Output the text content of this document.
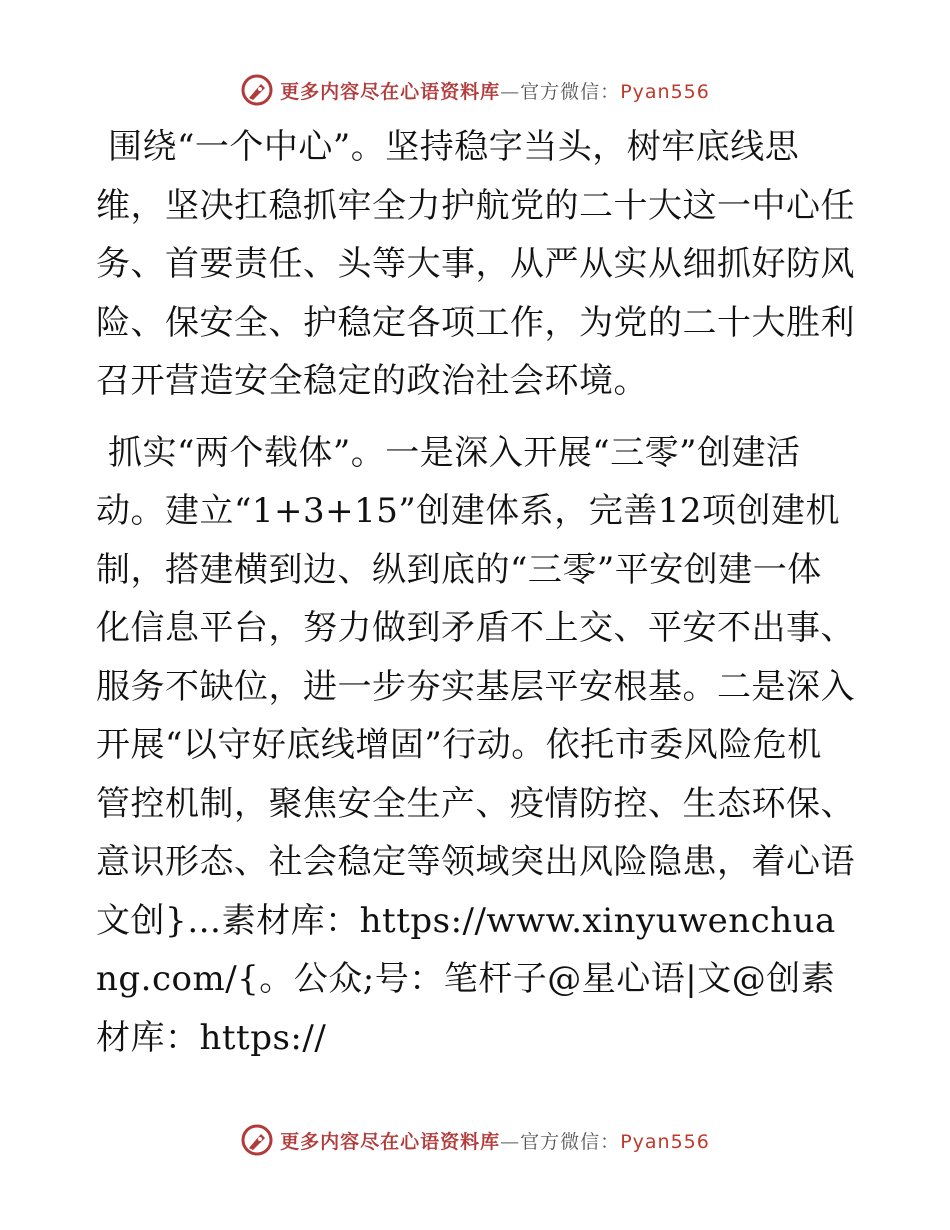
更多内容尽在心语资料库—官方微信：Pyan556

围绕“一个中心”。坚持稳字当头，树牢底线思维，坚决扛稳抓牢全力护航党的二十大这一中心任务、首要责任、头等大事，从严从实从细抓好防风险、保安全、护稳定各项工作，为党的二十大胜利召开营造安全稳定的政治社会环境。

抓实“两个载体”。一是深入开展“三零”创建活动。建立“1+3+15”创建体系，完善12项创建机制，搭建横到边、纵到底的“三零”平安创建一体化信息平台，努力做到矛盾不上交、平安不出事、服务不缺位，进一步夯实基层平安根基。二是深入开展“以守好底线增固”行动。依托市委风险危机管控机制，聚焦安全生产、疫情防控、生态环保、意识形态、社会稳定等领域突出风险隐患，着心语文创}…素材库：https://www.xinyuwenchuang.com/{。公众;号：笔杆子@星心语|文@创素材库：https://

更多内容尽在心语资料库—官方微信：Pyan556
